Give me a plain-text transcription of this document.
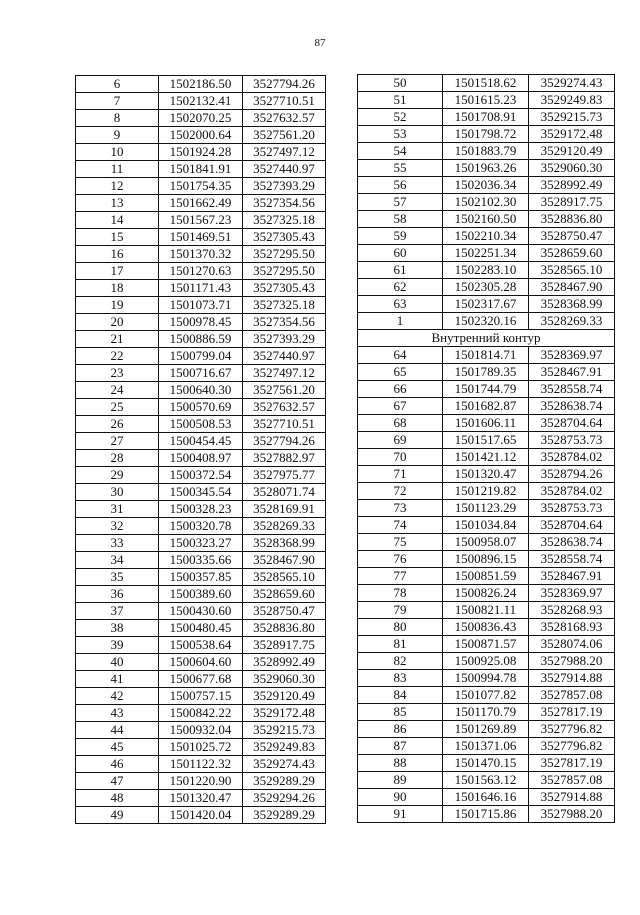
87
6	1502186.50	3527794.26
7	1502132.41	3527710.51
8	1502070.25	3527632.57
9	1502000.64	3527561.20
10	1501924.28	3527497.12
11	1501841.91	3527440.97
12	1501754.35	3527393.29
13	1501662.49	3527354.56
14	1501567.23	3527325.18
15	1501469.51	3527305.43
16	1501370.32	3527295.50
17	1501270.63	3527295.50
18	1501171.43	3527305.43
19	1501073.71	3527325.18
20	1500978.45	3527354.56
21	1500886.59	3527393.29
22	1500799.04	3527440.97
23	1500716.67	3527497.12
24	1500640.30	3527561.20
25	1500570.69	3527632.57
26	1500508.53	3527710.51
27	1500454.45	3527794.26
28	1500408.97	3527882.97
29	1500372.54	3527975.77
30	1500345.54	3528071.74
31	1500328.23	3528169.91
32	1500320.78	3528269.33
33	1500323.27	3528368.99
34	1500335.66	3528467.90
35	1500357.85	3528565.10
36	1500389.60	3528659.60
37	1500430.60	3528750.47
38	1500480.45	3528836.80
39	1500538.64	3528917.75
40	1500604.60	3528992.49
41	1500677.68	3529060.30
42	1500757.15	3529120.49
43	1500842.22	3529172.48
44	1500932.04	3529215.73
45	1501025.72	3529249.83
46	1501122.32	3529274.43
47	1501220.90	3529289.29
48	1501320.47	3529294.26
49	1501420.04	3529289.29
50	1501518.62	3529274.43
51	1501615.23	3529249.83
52	1501708.91	3529215.73
53	1501798.72	3529172.48
54	1501883.79	3529120.49
55	1501963.26	3529060.30
56	1502036.34	3528992.49
57	1502102.30	3528917.75
58	1502160.50	3528836.80
59	1502210.34	3528750.47
60	1502251.34	3528659.60
61	1502283.10	3528565.10
62	1502305.28	3528467.90
63	1502317.67	3528368.99
1	1502320.16	3528269.33
Внутренний контур		
64	1501814.71	3528369.97
65	1501789.35	3528467.91
66	1501744.79	3528558.74
67	1501682.87	3528638.74
68	1501606.11	3528704.64
69	1501517.65	3528753.73
70	1501421.12	3528784.02
71	1501320.47	3528794.26
72	1501219.82	3528784.02
73	1501123.29	3528753.73
74	1501034.84	3528704.64
75	1500958.07	3528638.74
76	1500896.15	3528558.74
77	1500851.59	3528467.91
78	1500826.24	3528369.97
79	1500821.11	3528268.93
80	1500836.43	3528168.93
81	1500871.57	3528074.06
82	1500925.08	3527988.20
83	1500994.78	3527914.88
84	1501077.82	3527857.08
85	1501170.79	3527817.19
86	1501269.89	3527796.82
87	1501371.06	3527796.82
88	1501470.15	3527817.19
89	1501563.12	3527857.08
90	1501646.16	3527914.88
91	1501715.86	3527988.20
